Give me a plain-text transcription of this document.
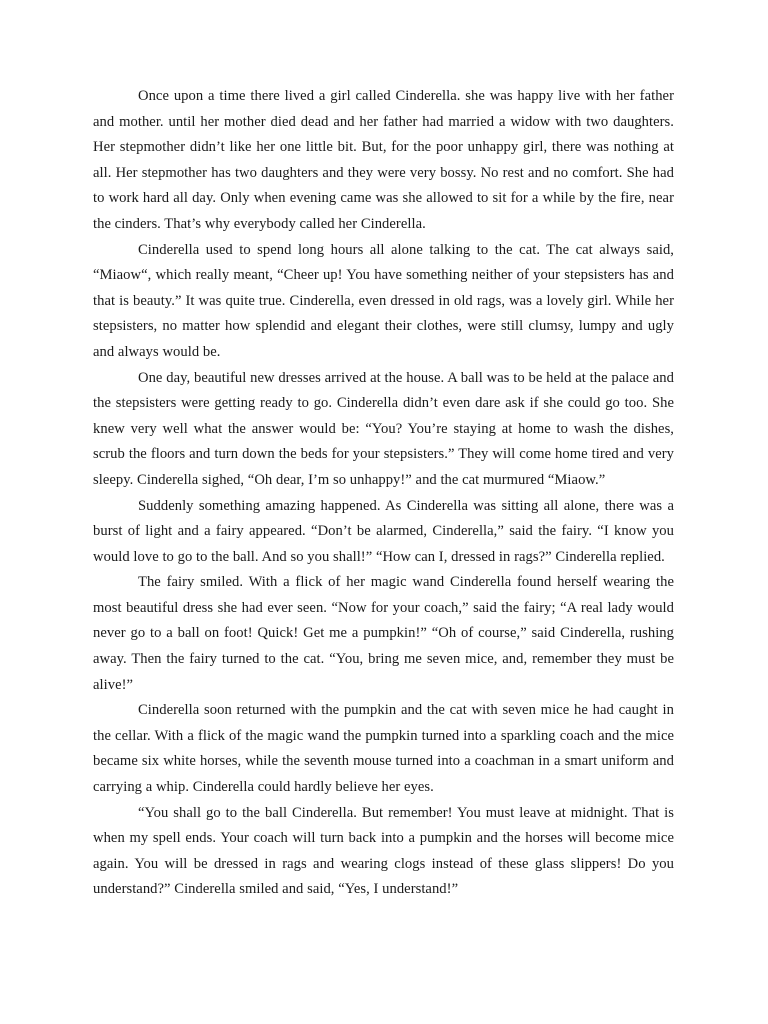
Once upon a time there lived a girl called Cinderella. she was happy live with her father and mother. until her mother died dead and her father had married a widow with two daughters. Her stepmother didn’t like her one little bit. But, for the poor unhappy girl, there was nothing at all. Her stepmother has two daughters and they were very bossy. No rest and no comfort. She had to work hard all day. Only when evening came was she allowed to sit for a while by the fire, near the cinders. That’s why everybody called her Cinderella.

Cinderella used to spend long hours all alone talking to the cat. The cat always said, “Miaow“, which really meant, “Cheer up! You have something neither of your stepsisters has and that is beauty.” It was quite true. Cinderella, even dressed in old rags, was a lovely girl. While her stepsisters, no matter how splendid and elegant their clothes, were still clumsy, lumpy and ugly and always would be.

One day, beautiful new dresses arrived at the house. A ball was to be held at the palace and the stepsisters were getting ready to go. Cinderella didn’t even dare ask if she could go too. She knew very well what the answer would be: “You? You’re staying at home to wash the dishes, scrub the floors and turn down the beds for your stepsisters.” They will come home tired and very sleepy. Cinderella sighed, “Oh dear, I’m so unhappy!” and the cat murmured “Miaow.”

Suddenly something amazing happened. As Cinderella was sitting all alone, there was a burst of light and a fairy appeared. “Don’t be alarmed, Cinderella,” said the fairy. “I know you would love to go to the ball. And so you shall!” “How can I, dressed in rags?” Cinderella replied.

The fairy smiled. With a flick of her magic wand Cinderella found herself wearing the most beautiful dress she had ever seen. “Now for your coach,” said the fairy; “A real lady would never go to a ball on foot! Quick! Get me a pumpkin!” “Oh of course,” said Cinderella, rushing away. Then the fairy turned to the cat. “You, bring me seven mice, and, remember they must be alive!”

Cinderella soon returned with the pumpkin and the cat with seven mice he had caught in the cellar. With a flick of the magic wand the pumpkin turned into a sparkling coach and the mice became six white horses, while the seventh mouse turned into a coachman in a smart uniform and carrying a whip. Cinderella could hardly believe her eyes.

“You shall go to the ball Cinderella. But remember! You must leave at midnight. That is when my spell ends. Your coach will turn back into a pumpkin and the horses will become mice again. You will be dressed in rags and wearing clogs instead of these glass slippers! Do you understand?” Cinderella smiled and said, “Yes, I understand!”
